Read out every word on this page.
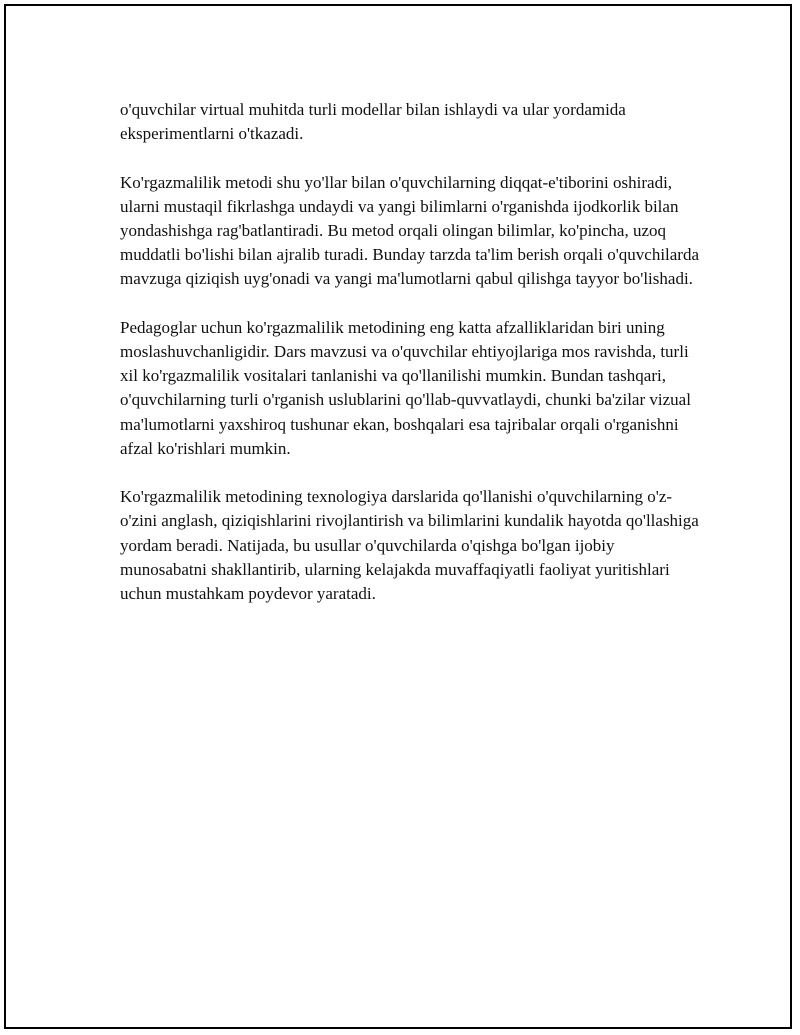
o'quvchilar virtual muhitda turli modellar bilan ishlaydi va ular yordamida eksperimentlarni o'tkazadi.

Ko'rgazmalilik metodi shu yo'llar bilan o'quvchilarning diqqat-e'tiborini oshiradi, ularni mustaqil fikrlashga undaydi va yangi bilimlarni o'rganishda ijodkorlik bilan yondashishga rag'batlantiradi. Bu metod orqali olingan bilimlar, ko'pincha, uzoq muddatli bo'lishi bilan ajralib turadi. Bunday tarzda ta'lim berish orqali o'quvchilarda mavzuga qiziqish uyg'onadi va yangi ma'lumotlarni qabul qilishga tayyor bo'lishadi.

Pedagoglar uchun ko'rgazmalilik metodining eng katta afzalliklaridan biri uning moslashuvchanligidir. Dars mavzusi va o'quvchilar ehtiyojlariga mos ravishda, turli xil ko'rgazmalilik vositalari tanlanishi va qo'llanilishi mumkin. Bundan tashqari, o'quvchilarning turli o'rganish uslublarini qo'llab-quvvatlaydi, chunki ba'zilar vizual ma'lumotlarni yaxshiroq tushunar ekan, boshqalari esa tajribalar orqali o'rganishni afzal ko'rishlari mumkin.

Ko'rgazmalilik metodining texnologiya darslarida qo'llanishi o'quvchilarning o'z-o'zini anglash, qiziqishlarini rivojlantirish va bilimlarini kundalik hayotda qo'llashiga yordam beradi. Natijada, bu usullar o'quvchilarda o'qishga bo'lgan ijobiy munosabatni shakllantirib, ularning kelajakda muvaffaqiyatli faoliyat yuritishlari uchun mustahkam poydevor yaratadi.
